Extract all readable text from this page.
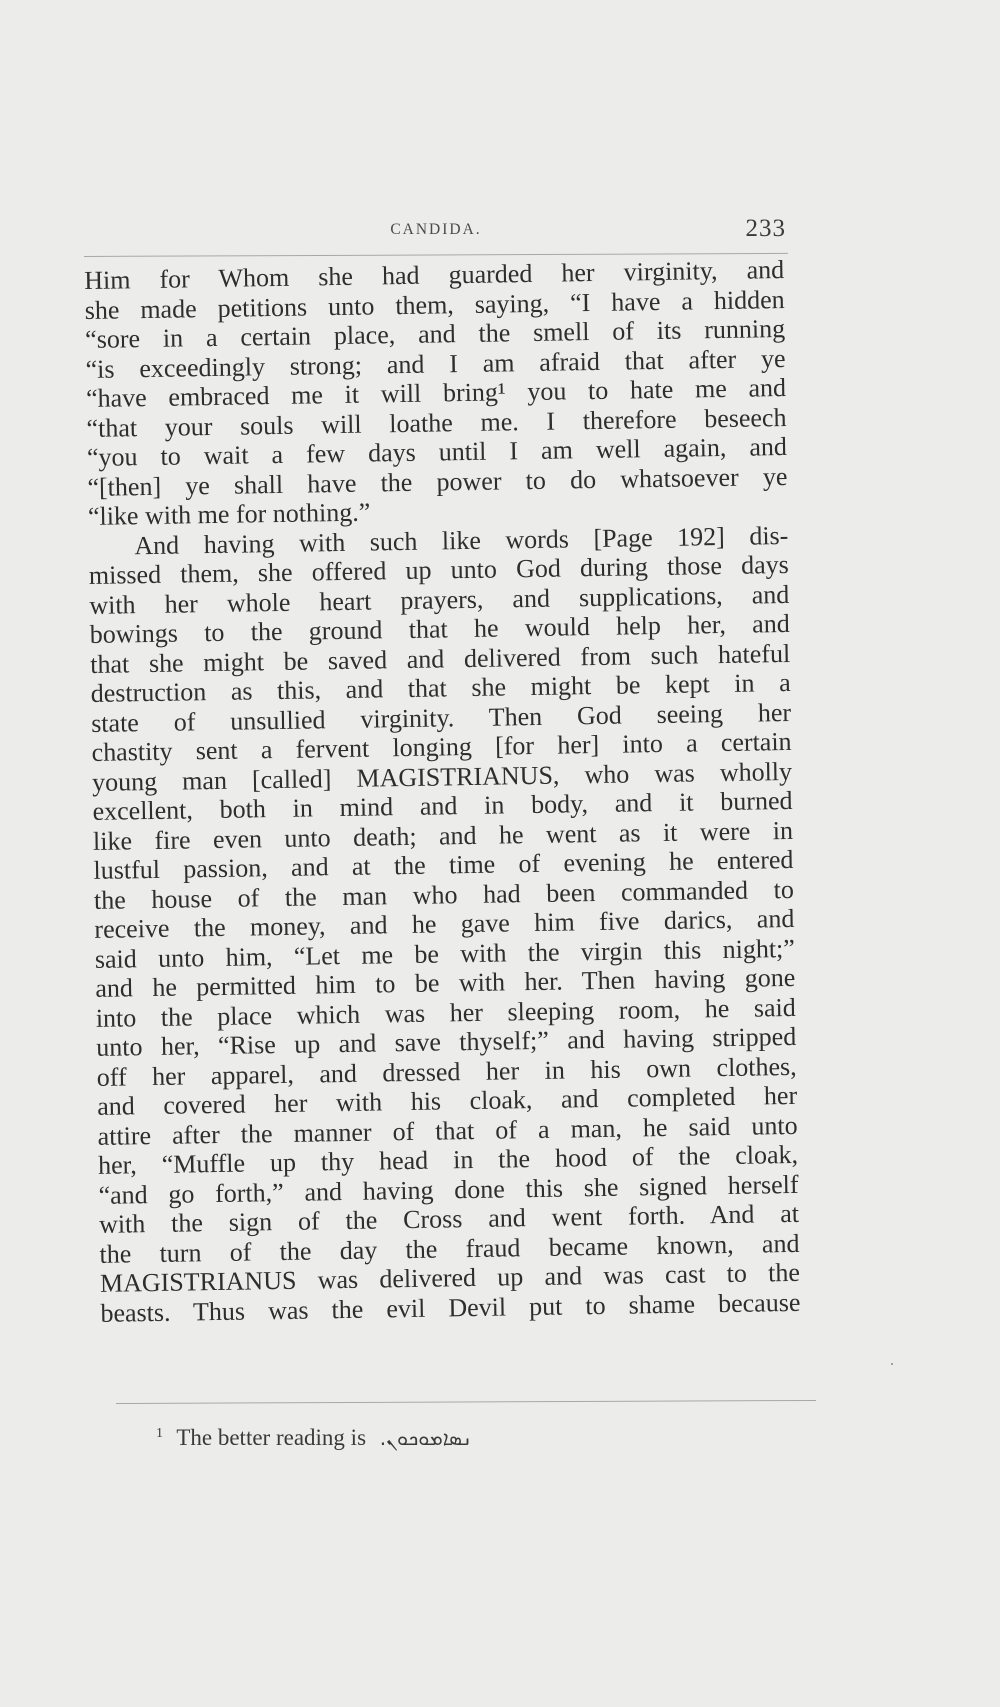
CANDIDA.	233
Him for Whom she had guarded her virginity, and
she made petitions unto them, saying, “I have a hidden
“sore in a certain place, and the smell of its running
“is exceedingly strong; and I am afraid that after ye
“have embraced me it will bring¹ you to hate me and
“that your souls will loathe me. I therefore beseech
“you to wait a few days until I am well again, and
“[then] ye shall have the power to do whatsoever ye
“like with me for nothing.”
And having with such like words [Page 192] dis-
missed them, she offered up unto God during those days
with her whole heart prayers, and supplications, and
bowings to the ground that he would help her, and
that she might be saved and delivered from such hateful
destruction as this, and that she might be kept in a
state of unsullied virginity. Then God seeing her
chastity sent a fervent longing [for her] into a certain
young man [called] MAGISTRIANUS, who was wholly
excellent, both in mind and in body, and it burned
like fire even unto death; and he went as it were in
lustful passion, and at the time of evening he entered
the house of the man who had been commanded to
receive the money, and he gave him five darics, and
said unto him, “Let me be with the virgin this night;”
and he permitted him to be with her. Then having gone
into the place which was her sleeping room, he said
unto her, “Rise up and save thyself;” and having stripped
off her apparel, and dressed her in his own clothes,
and covered her with his cloak, and completed her
attire after the manner of that of a man, he said unto
her, “Muffle up thy head in the hood of the cloak,
“and go forth,” and having done this she signed herself
with the sign of the Cross and went forth. And at
the turn of the day the fraud became known, and
MAGISTRIANUS was delivered up and was cast to the
beasts. Thus was the evil Devil put to shame because
$^1$ The better reading is ܢܣܐܡܘܟܘܢ.
